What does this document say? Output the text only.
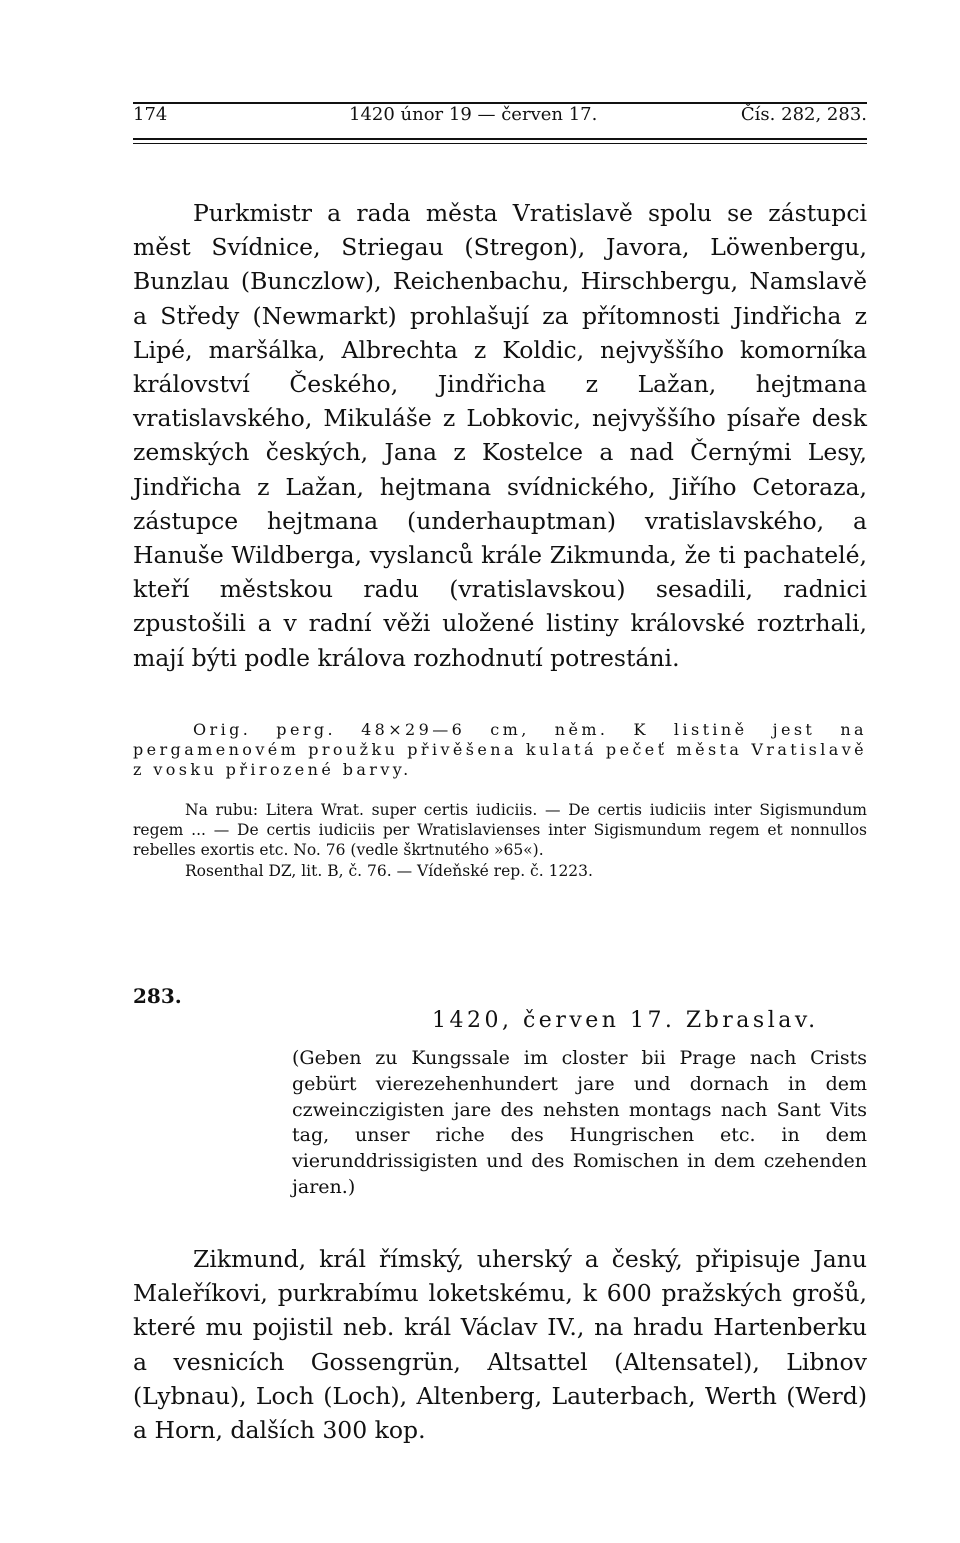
174	1420 únor 19 — červen 17.	Čís. 282, 283.

Purkmistr a rada města Vratislavě spolu se zástupci měst Svídnice, Striegau (Stregon), Javora, Löwenbergu, Bunzlau (Bunczlow), Reichenbachu, Hirschbergu, Namslavě a Středy (Newmarkt) prohlašují za přítomnosti Jindřicha z Lipé, maršálka, Albrechta z Koldic, nejvyššího komorníka království Českého, Jindřicha z Lažan, hejtmana vratislavského, Mikuláše z Lobkovic, nejvyššího písaře desk zemských českých, Jana z Kostelce a nad Černými Lesy, Jindřicha z Lažan, hejtmana svídnického, Jiřího Cetoraza, zástupce hejtmana (underhauptman) vratislavského, a Hanuše Wildberga, vyslanců krále Zikmunda, že ti pachatelé, kteří městskou radu (vratislavskou) sesadili, radnici zpustošili a v radní věži uložené listiny královské roztrhali, mají býti podle králova rozhodnutí potrestáni.

Orig. perg. 48×29—6 cm, něm. K listině jest na pergamenovém proužku přivěšena kulatá pečeť města Vratislavě z vosku přirozené barvy.

Na rubu: Litera Wrat. super certis iudiciis. — De certis iudiciis inter Sigismundum regem ... — De certis iudiciis per Wratislavienses inter Sigismundum regem et nonnullos rebelles exortis etc. No. 76 (vedle škrtnutého »65«).

Rosenthal DZ, lit. B, č. 76. — Vídeňské rep. č. 1223.

283.
1420, červen 17. Zbraslav.

(Geben zu Kungssale im closter bii Prage nach Crists gebürt vierezehenhundert jare und dornach in dem czweinczigisten jare des nehsten montags nach Sant Vits tag, unser riche des Hungrischen etc. in dem vierunddrissigisten und des Romischen in dem czehenden jaren.)

Zikmund, král římský, uherský a český, připisuje Janu Maleříkovi, purkrabímu loketskému, k 600 pražských grošů, které mu pojistil neb. král Václav IV., na hradu Hartenberku a vesnicích Gossengrün, Altsattel (Altensatel), Libnov (Lybnau), Loch (Loch), Altenberg, Lauterbach, Werth (Werd) a Horn, dalších 300 kop.
